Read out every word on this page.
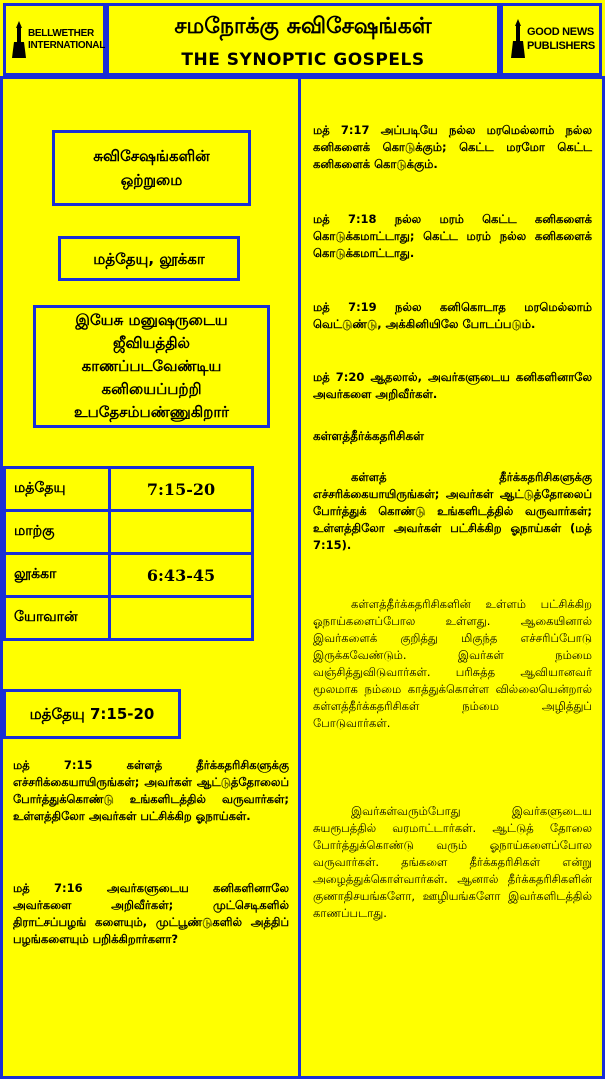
BELLWETHER
INTERNATIONAL
சமநோக்கு சுவிசேஷங்கள்
THE SYNOPTIC GOSPELS
GOOD NEWS
PUBLISHERS
சுவிசேஷங்களின்
ஒற்றுமை
மத்தேயு, லூக்கா
இயேசு மனுஷருடைய
ஜீவியத்தில்
காணப்படவேண்டிய
கனியைப்பற்றி
உபதேசம்பண்ணுகிறார்
மத்தேயு	7:15-20
மாற்கு	
லூக்கா	6:43-45
யோவான்	
மத்தேயு 7:15-20
மத் 7:15 கள்ளத் தீர்க்கதரிசிகளுக்கு எச்சரிக்கையாயிருங்கள்; அவர்கள் ஆட்டுத்தோலைப் போர்த்துக்கொண்டு உங்களிடத்தில் வருவார்கள்; உள்ளத்திலோ அவர்கள் பட்சிக்கிற ஓநாய்கள்.
மத் 7:16 அவர்களுடைய கனிகளினாலே அவர்களை அறிவீர்கள்; முட்செடிகளில் திராட்சப்பழங் களையும், முட்பூண்டுகளில் அத்திப் பழங்களையும் பறிக்கிறார்களா?
மத் 7:17 அப்படியே நல்ல மரமெல்லாம் நல்ல கனிகளைக் கொடுக்கும்; கெட்ட மரமோ கெட்ட கனிகளைக் கொடுக்கும்.
மத் 7:18 நல்ல மரம் கெட்ட கனிகளைக் கொடுக்கமாட்டாது; கெட்ட மரம் நல்ல கனிகளைக் கொடுக்கமாட்டாது.
மத் 7:19 நல்ல கனிகொடாத மரமெல்லாம் வெட்டுண்டு, அக்கினியிலே போடப்படும்.
மத் 7:20 ஆதலால், அவர்களுடைய கனிகளினாலே அவர்களை அறிவீர்கள்.
கள்ளத்தீர்க்கதரிசிகள்
கள்ளத் தீர்க்கதரிசிகளுக்கு எச்சரிக்கையாயிருங்கள்; அவர்கள் ஆட்டுத்தோலைப் போர்த்துக் கொண்டு உங்களிடத்தில் வருவார்கள்; உள்ளத்திலோ அவர்கள் பட்சிக்கிற ஓநாய்கள் (மத் 7:15).
கள்ளத்தீர்க்கதரிசிகளின் உள்ளம் பட்சிக்கிற ஓநாய்களைப்போல உள்ளது. ஆகையினால் இவர்களைக் குறித்து மிகுந்த எச்சரிப்போடு இருக்கவேண்டும். இவர்கள் நம்மை வஞ்சித்துவிடுவார்கள். பரிசுத்த ஆவியானவர் மூலமாக நம்மை காத்துக்கொள்ள வில்லையென்றால் கள்ளத்தீர்க்கதரிசிகள் நம்மை அழித்துப் போடுவார்கள்.
இவர்கள்வரும்போது இவர்களுடைய சுயரூபத்தில் வரமாட்டார்கள். ஆட்டுத் தோலை போர்த்துக்கொண்டு வரும் ஓநாய்களைப்போல வருவார்கள். தங்களை தீர்க்கதரிசிகள் என்று அழைத்துக்கொள்வார்கள். ஆனால் தீர்க்கதரிசிகளின் குணாதிசயங்களோ, ஊழியங்களோ இவர்களிடத்தில் காணப்படாது.
